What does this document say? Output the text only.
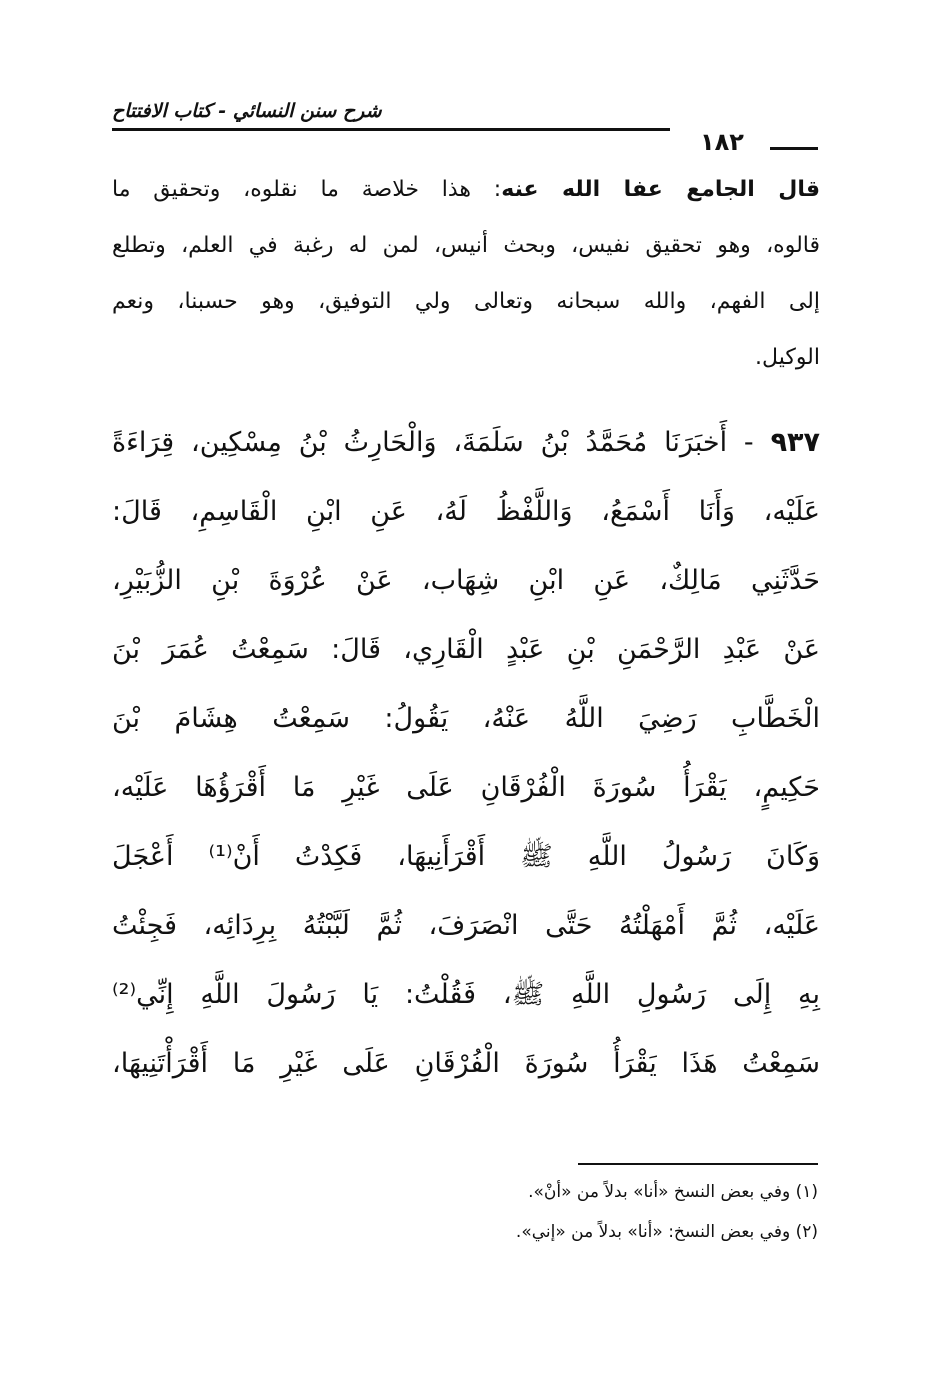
شرح سنن النسائي - كتاب الافتتاح
١٨٢
قال الجامع عفا الله عنه: هذا خلاصة ما نقلوه، وتحقيق ما
قالوه، وهو تحقيق نفيس، وبحث أنيس، لمن له رغبة في العلم، وتطلع
إلى الفهم، والله سبحانه وتعالى ولي التوفيق، وهو حسبنا، ونعم
الوكيل.
٩٣٧ - أَخبَرَنَا مُحَمَّدُ بْنُ سَلَمَةَ، وَالْحَارِثُ بْنُ مِسْكِين، قِرَاءَةً
عَلَيْه، وَأَنَا أَسْمَعُ، وَاللَّفْظُ لَهُ، عَنِ ابْنِ الْقَاسِمِ، قَالَ:
حَدَّثَنِي مَالِكٌ، عَنِ ابْنِ شِهَاب، عَنْ عُرْوَةَ بْنِ الزُّبَيْرِ،
عَنْ عَبْدِ الرَّحْمَنِ بْنِ عَبْدٍ الْقَارِي، قَالَ: سَمِعْتُ عُمَرَ بْنَ
الْخَطَّابِ رَضِيَ اللَّهُ عَنْهُ، يَقُولُ: سَمِعْتُ هِشَامَ بْنَ
حَكِيمٍ، يَقْرَأُ سُورَةَ الْفُرْقَانِ عَلَى غَيْرِ مَا أَقْرَؤُهَا عَلَيْه،
وَكَانَ رَسُولُ اللَّهِ ﷺ أَقْرَأَنِيهَا، فَكِدْتُ أَنْ⁽¹⁾ أَعْجَلَ
عَلَيْه، ثُمَّ أَمْهَلْتُهُ حَتَّى انْصَرَفَ، ثُمَّ لَبَّبْتُهُ بِرِدَائِه، فَجِئْتُ
بِهِ إِلَى رَسُولِ اللَّهِ ﷺ، فَقُلْتُ: يَا رَسُولَ اللَّهِ إِنِّي⁽²⁾
سَمِعْتُ هَذَا يَقْرَأُ سُورَةَ الْفُرْقَانِ عَلَى غَيْرِ مَا أَقْرَأْتَنِيهَا،
(١) وفي بعض النسخ «أنا» بدلاً من «أنْ».
(٢) وفي بعض النسخ: «أنا» بدلاً من «إني».
